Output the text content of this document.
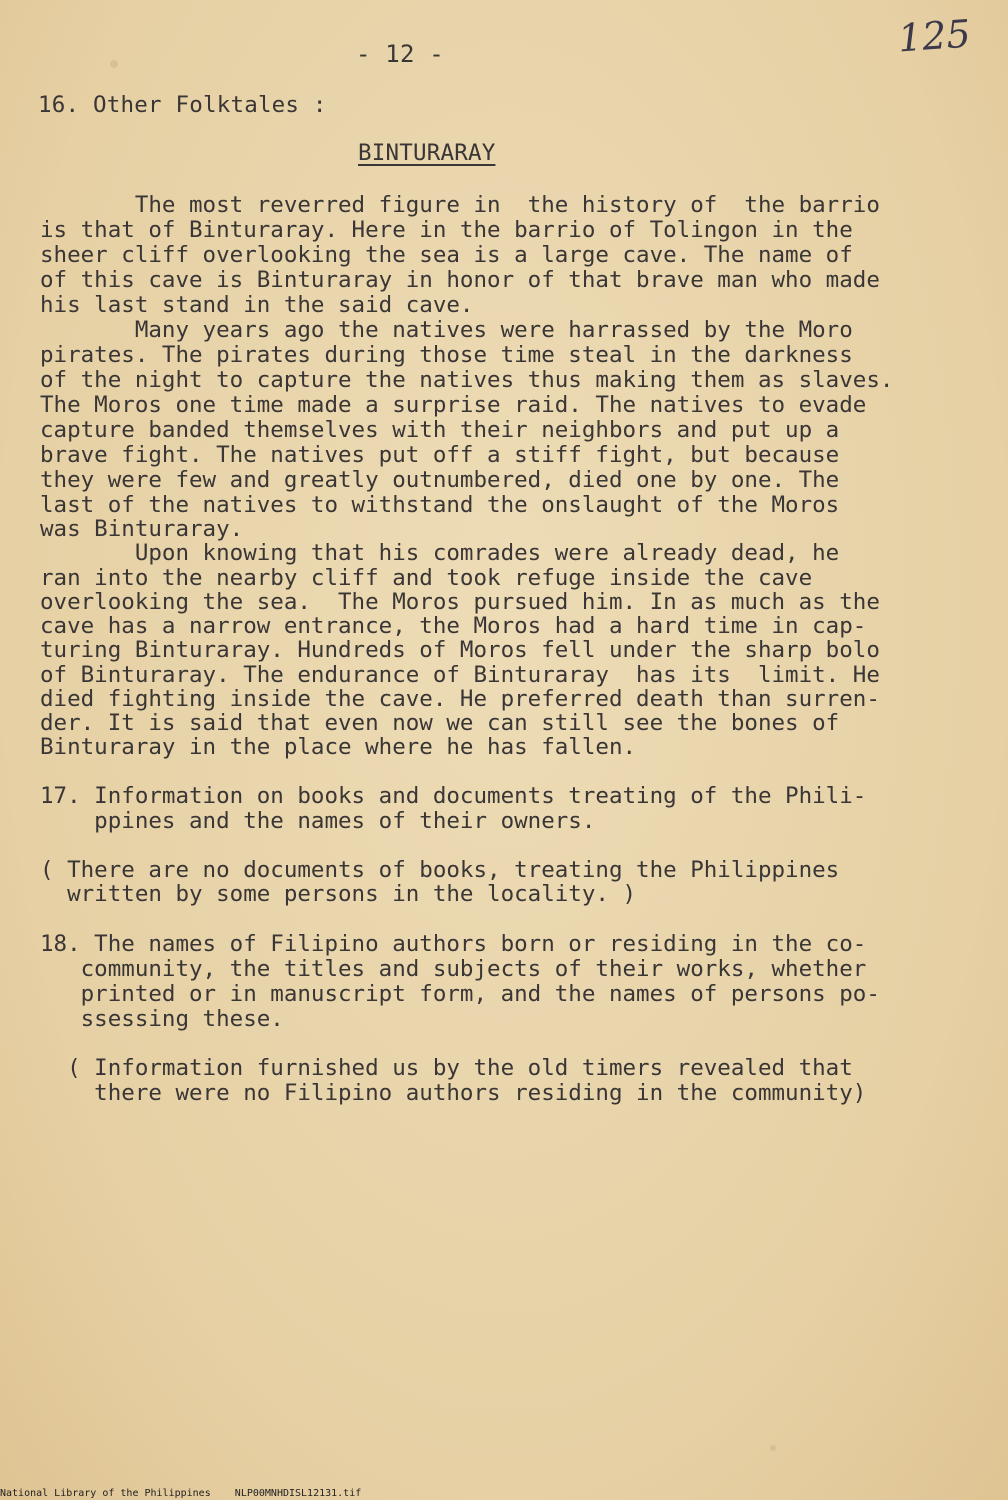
- 12 -	125
16. Other Folktales :
BINTURARAY
The most reverred figure in  the history of  the barrio
is that of Binturaray. Here in the barrio of Tolingon in the
sheer cliff overlooking the sea is a large cave. The name of
of this cave is Binturaray in honor of that brave man who made
his last stand in the said cave.
Many years ago the natives were harrassed by the Moro
pirates. The pirates during those time steal in the darkness
of the night to capture the natives thus making them as slaves.
The Moros one time made a surprise raid. The natives to evade
capture banded themselves with their neighbors and put up a
brave fight. The natives put off a stiff fight, but because
they were few and greatly outnumbered, died one by one. The
last of the natives to withstand the onslaught of the Moros
was Binturaray.
Upon knowing that his comrades were already dead, he
ran into the nearby cliff and took refuge inside the cave
overlooking the sea.  The Moros pursued him. In as much as the
cave has a narrow entrance, the Moros had a hard time in cap-
turing Binturaray. Hundreds of Moros fell under the sharp bolo
of Binturaray. The endurance of Binturaray  has its  limit. He
died fighting inside the cave. He preferred death than surren-
der. It is said that even now we can still see the bones of
Binturaray in the place where he has fallen.
17. Information on books and documents treating of the Phili-
ppines and the names of their owners.
( There are no documents of books, treating the Philippines
written by some persons in the locality. )
18. The names of Filipino authors born or residing in the co-
community, the titles and subjects of their works, whether
printed or in manuscript form, and the names of persons po-
ssessing these.
( Information furnished us by the old timers revealed that
there were no Filipino authors residing in the community)
National Library of the Philippines    NLP00MNHDISL12131.tif
